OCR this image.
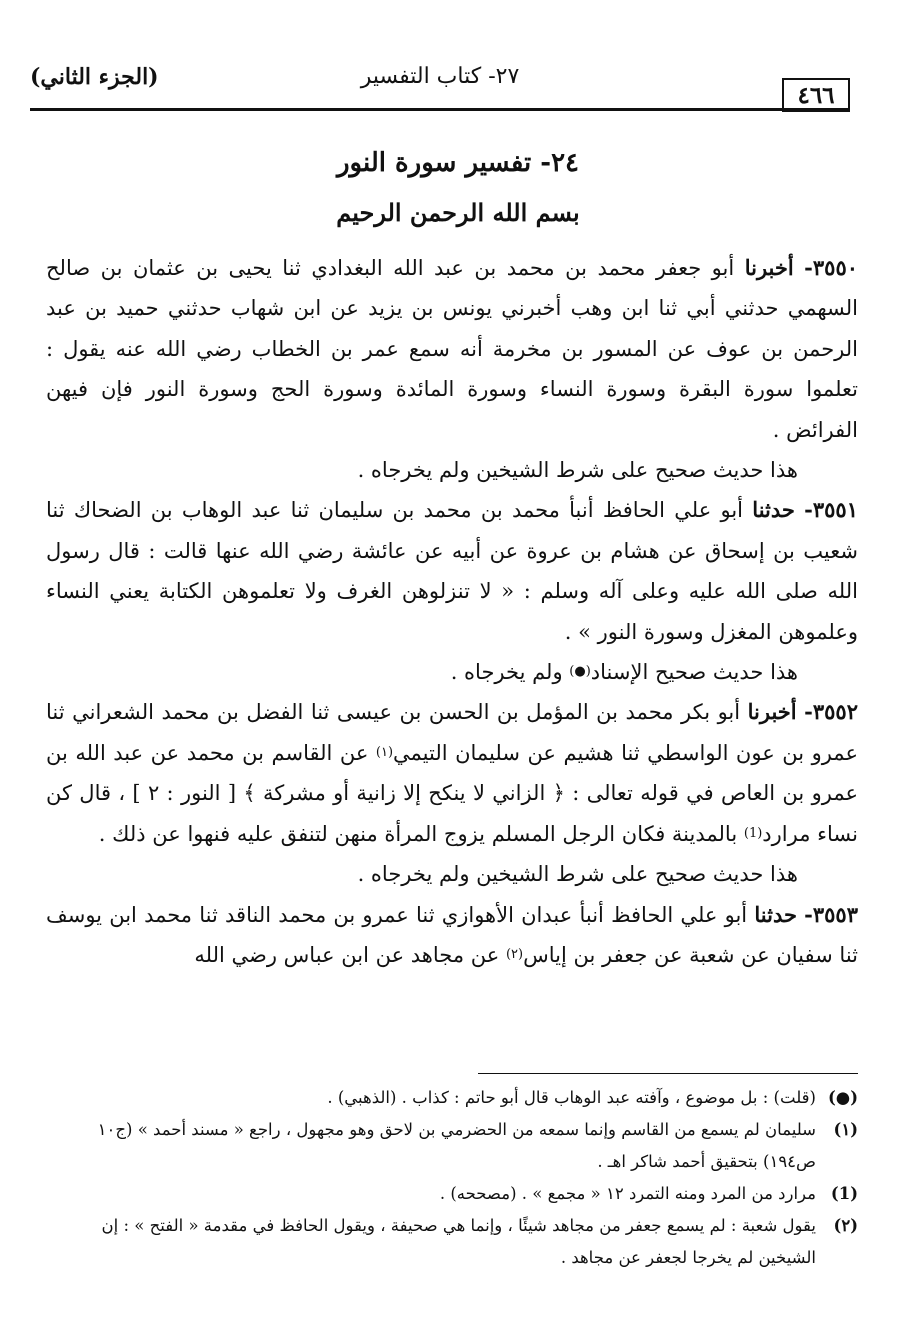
٤٦٦
٢٧- كتاب التفسير
(الجزء الثاني)
٢٤- تفسير سورة النور
بسم الله الرحمن الرحيم
٣٥٥٠- أخبرنا أبو جعفر محمد بن محمد بن عبد الله البغدادي ثنا يحيى بن عثمان بن صالح السهمي حدثني أبي ثنا ابن وهب أخبرني يونس بن يزيد عن ابن شهاب حدثني حميد بن عبد الرحمن بن عوف عن المسور بن مخرمة أنه سمع عمر بن الخطاب رضي الله عنه يقول : تعلموا سورة البقرة وسورة النساء وسورة المائدة وسورة الحج وسورة النور فإن فيهن الفرائض .
هذا حديث صحيح على شرط الشيخين ولم يخرجاه .
٣٥٥١- حدثنا أبو علي الحافظ أنبأ محمد بن محمد بن سليمان ثنا عبد الوهاب بن الضحاك ثنا شعيب بن إسحاق عن هشام بن عروة عن أبيه عن عائشة رضي الله عنها قالت : قال رسول الله صلى الله عليه وعلى آله وسلم : « لا تنزلوهن الغرف ولا تعلموهن الكتابة يعني النساء وعلموهن المغزل وسورة النور » .
هذا حديث صحيح الإسناد(●) ولم يخرجاه .
٣٥٥٢- أخبرنا أبو بكر محمد بن المؤمل بن الحسن بن عيسى ثنا الفضل بن محمد الشعراني ثنا عمرو بن عون الواسطي ثنا هشيم عن سليمان التيمي$^{(١)}$ عن القاسم بن محمد عن عبد الله بن عمرو بن العاص في قوله تعالى : ﴿ الزاني لا ينكح إلا زانية أو مشركة ﴾ [ النور : ٢ ] ، قال كن نساء مرارد$^{(1)}$ بالمدينة فكان الرجل المسلم يزوج المرأة منهن لتنفق عليه فنهوا عن ذلك .
هذا حديث صحيح على شرط الشيخين ولم يخرجاه .
٣٥٥٣- حدثنا أبو علي الحافظ أنبأ عبدان الأهوازي ثنا عمرو بن محمد الناقد ثنا محمد ابن يوسف ثنا سفيان عن شعبة عن جعفر بن إياس$^{(٢)}$ عن مجاهد عن ابن عباس رضي الله
(●)
(قلت) : بل موضوع ، وآفته عبد الوهاب قال أبو حاتم : كذاب . (الذهبي) .
(١)
سليمان لم يسمع من القاسم وإنما سمعه من الحضرمي بن لاحق وهو مجهول ، راجع « مسند أحمد » (ج١٠ ص١٩٤) بتحقيق أحمد شاكر اهـ .
(1)
مرارد من المرد ومنه التمرد ١٢ « مجمع » . (مصححه) .
(٢)
يقول شعبة : لم يسمع جعفر من مجاهد شيئًا ، وإنما هي صحيفة ، ويقول الحافظ في مقدمة « الفتح » : إن الشيخين لم يخرجا لجعفر عن مجاهد .
